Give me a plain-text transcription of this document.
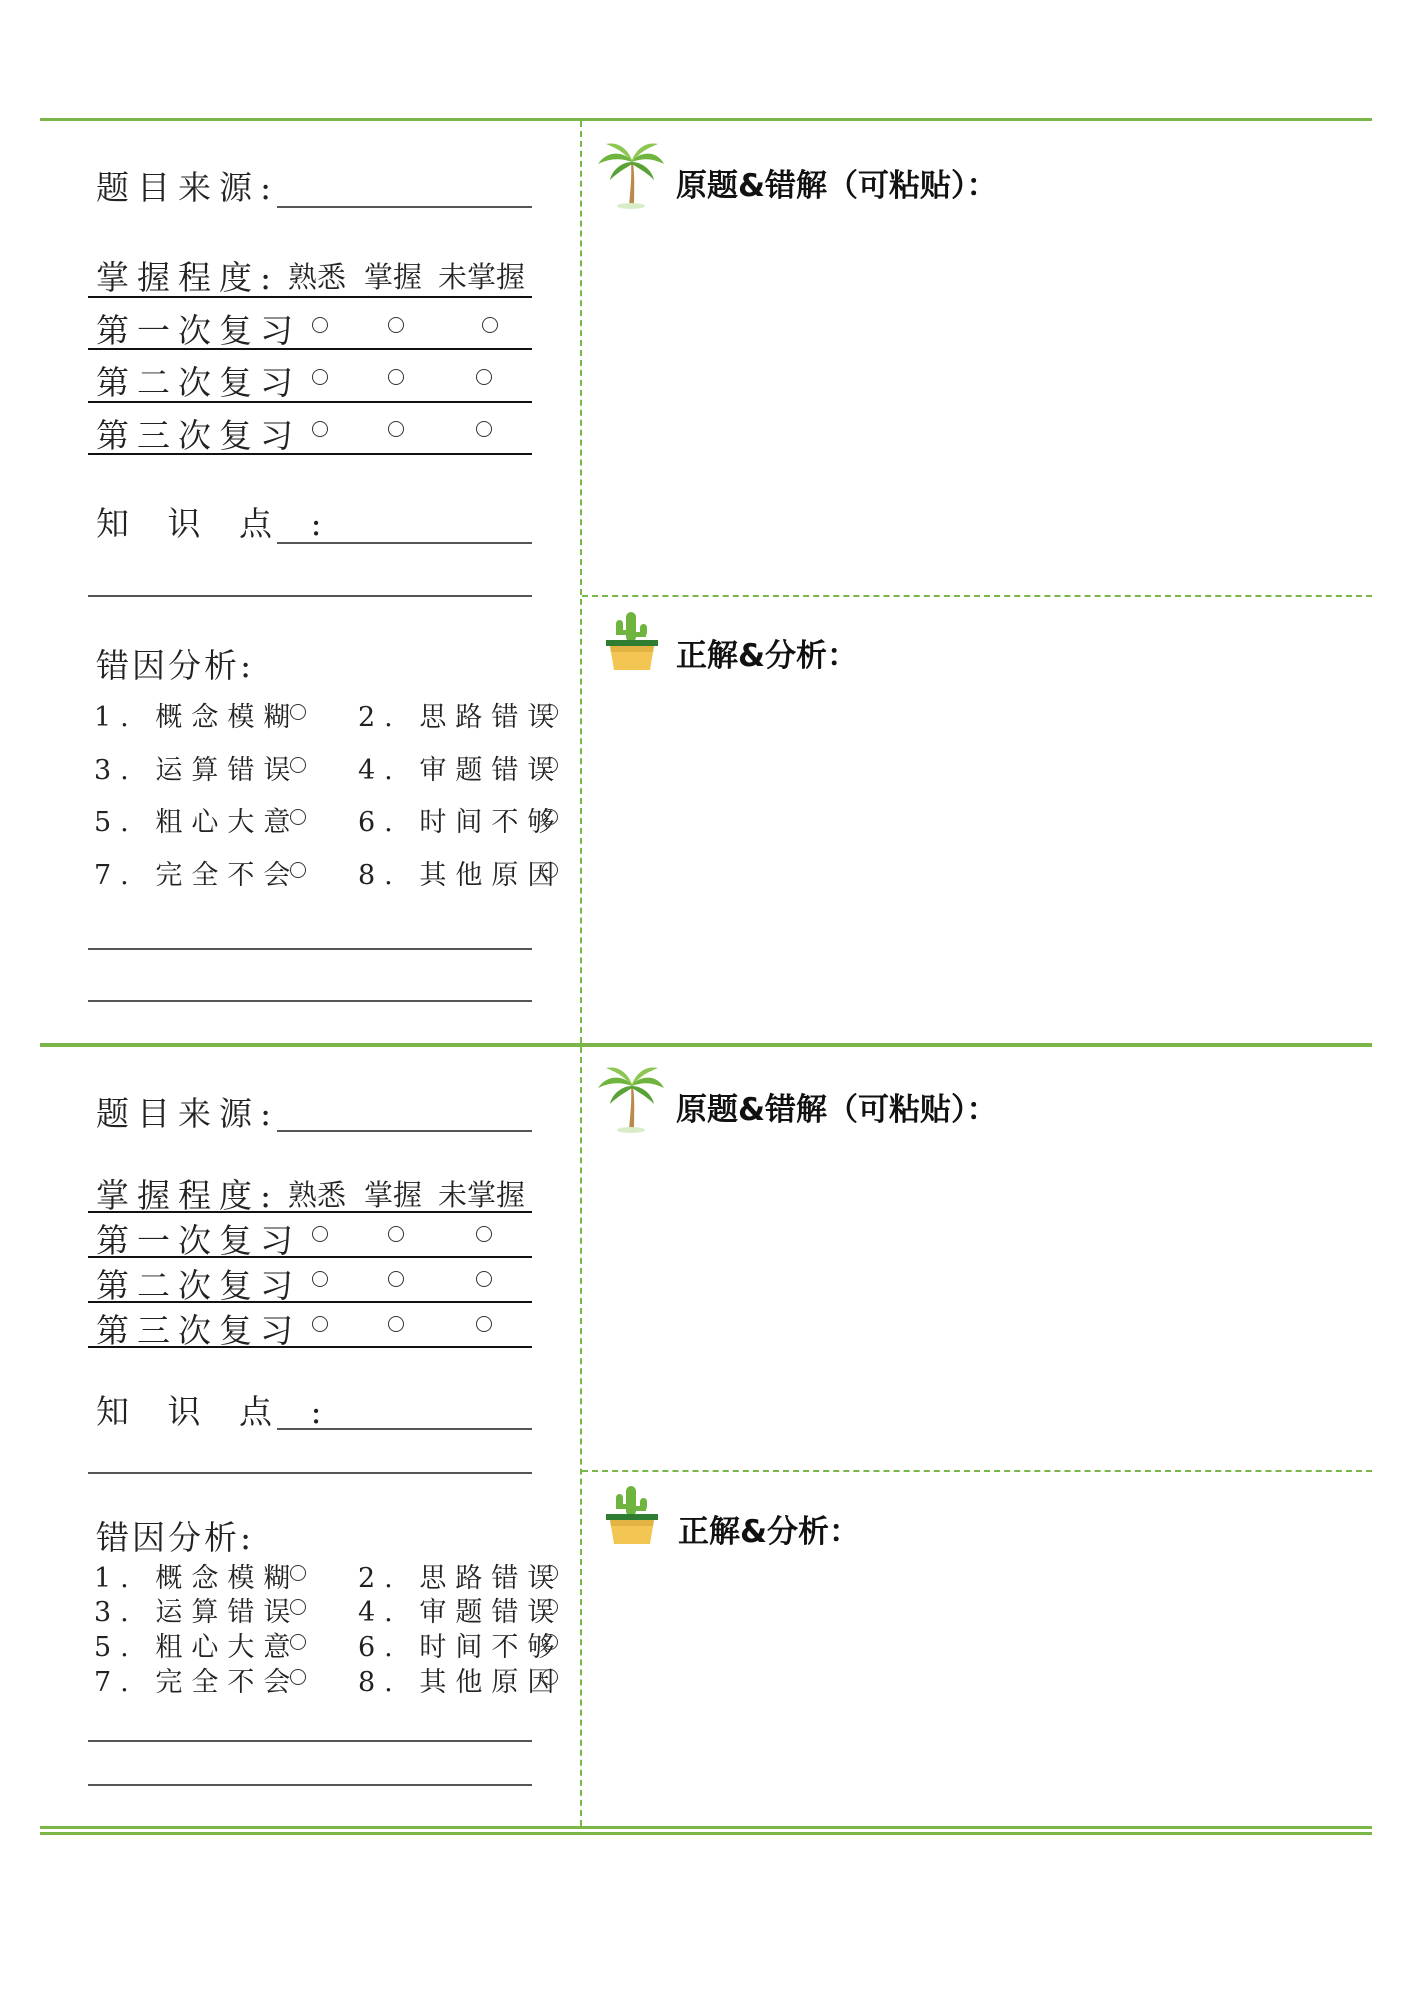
题目来源:
掌握程度: 熟悉 掌握 未掌握
第一次复习
第二次复习
第三次复习
知 识 点 :
错因分析:
1. 概念模糊 2. 思路错误
3. 运算错误 4. 审题错误
5. 粗心大意 6. 时间不够
7. 完全不会 8. 其他原因
原题&错解（可粘贴）：
正解&分析：
题目来源:
掌握程度: 熟悉 掌握 未掌握
第一次复习
第二次复习
第三次复习
知 识 点 :
错因分析:
1. 概念模糊 2. 思路错误
3. 运算错误 4. 审题错误
5. 粗心大意 6. 时间不够
7. 完全不会 8. 其他原因
原题&错解（可粘贴）：
正解&分析：
